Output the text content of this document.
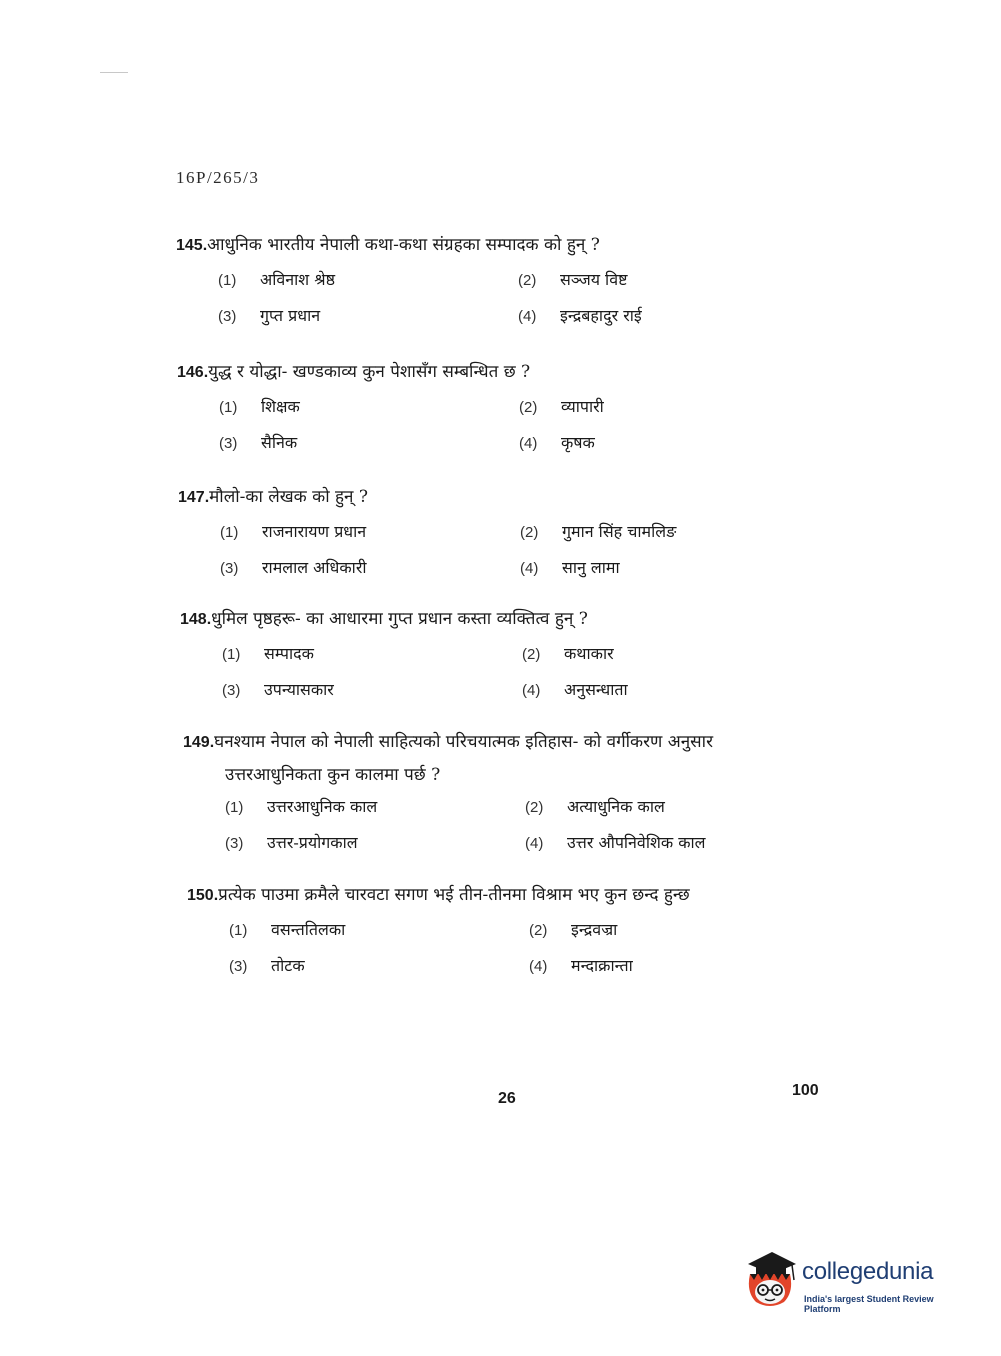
16P/265/3
145.आधुनिक भारतीय नेपाली कथा-कथा संग्रहका सम्पादक को हुन् ?
(1) अविनाश श्रेष्ठ	(2) सञ्जय विष्ट
(3) गुप्त प्रधान	(4) इन्द्रबहादुर राई
146.युद्ध र योद्धा- खण्डकाव्य कुन पेशासँग सम्बन्धित छ ?
(1) शिक्षक	(2) व्यापारी
(3) सैनिक	(4) कृषक
147.मौलो-का लेखक को हुन् ?
(1) राजनारायण प्रधान	(2) गुमान सिंह चामलिङ
(3) रामलाल अधिकारी	(4) सानु लामा
148.धुमिल पृष्ठहरू- का आधारमा गुप्त प्रधान कस्ता व्यक्तित्व हुन् ?
(1) सम्पादक	(2) कथाकार
(3) उपन्यासकार	(4) अनुसन्धाता
149.घनश्याम नेपाल को नेपाली साहित्यको परिचयात्मक इतिहास- को वर्गीकरण अनुसार
उत्तरआधुनिकता कुन कालमा पर्छ ?
(1) उत्तरआधुनिक काल	(2) अत्याधुनिक काल
(3) उत्तर-प्रयोगकाल	(4) उत्तर औपनिवेशिक काल
150.प्रत्येक पाउमा क्रमैले चारवटा सगण भई तीन-तीनमा विश्राम भए कुन छन्द हुन्छ
(1) वसन्ततिलका	(2) इन्द्रवज्रा
(3) तोटक	(4) मन्दाक्रान्ता
26	100
collegedunia
India's largest Student Review Platform
